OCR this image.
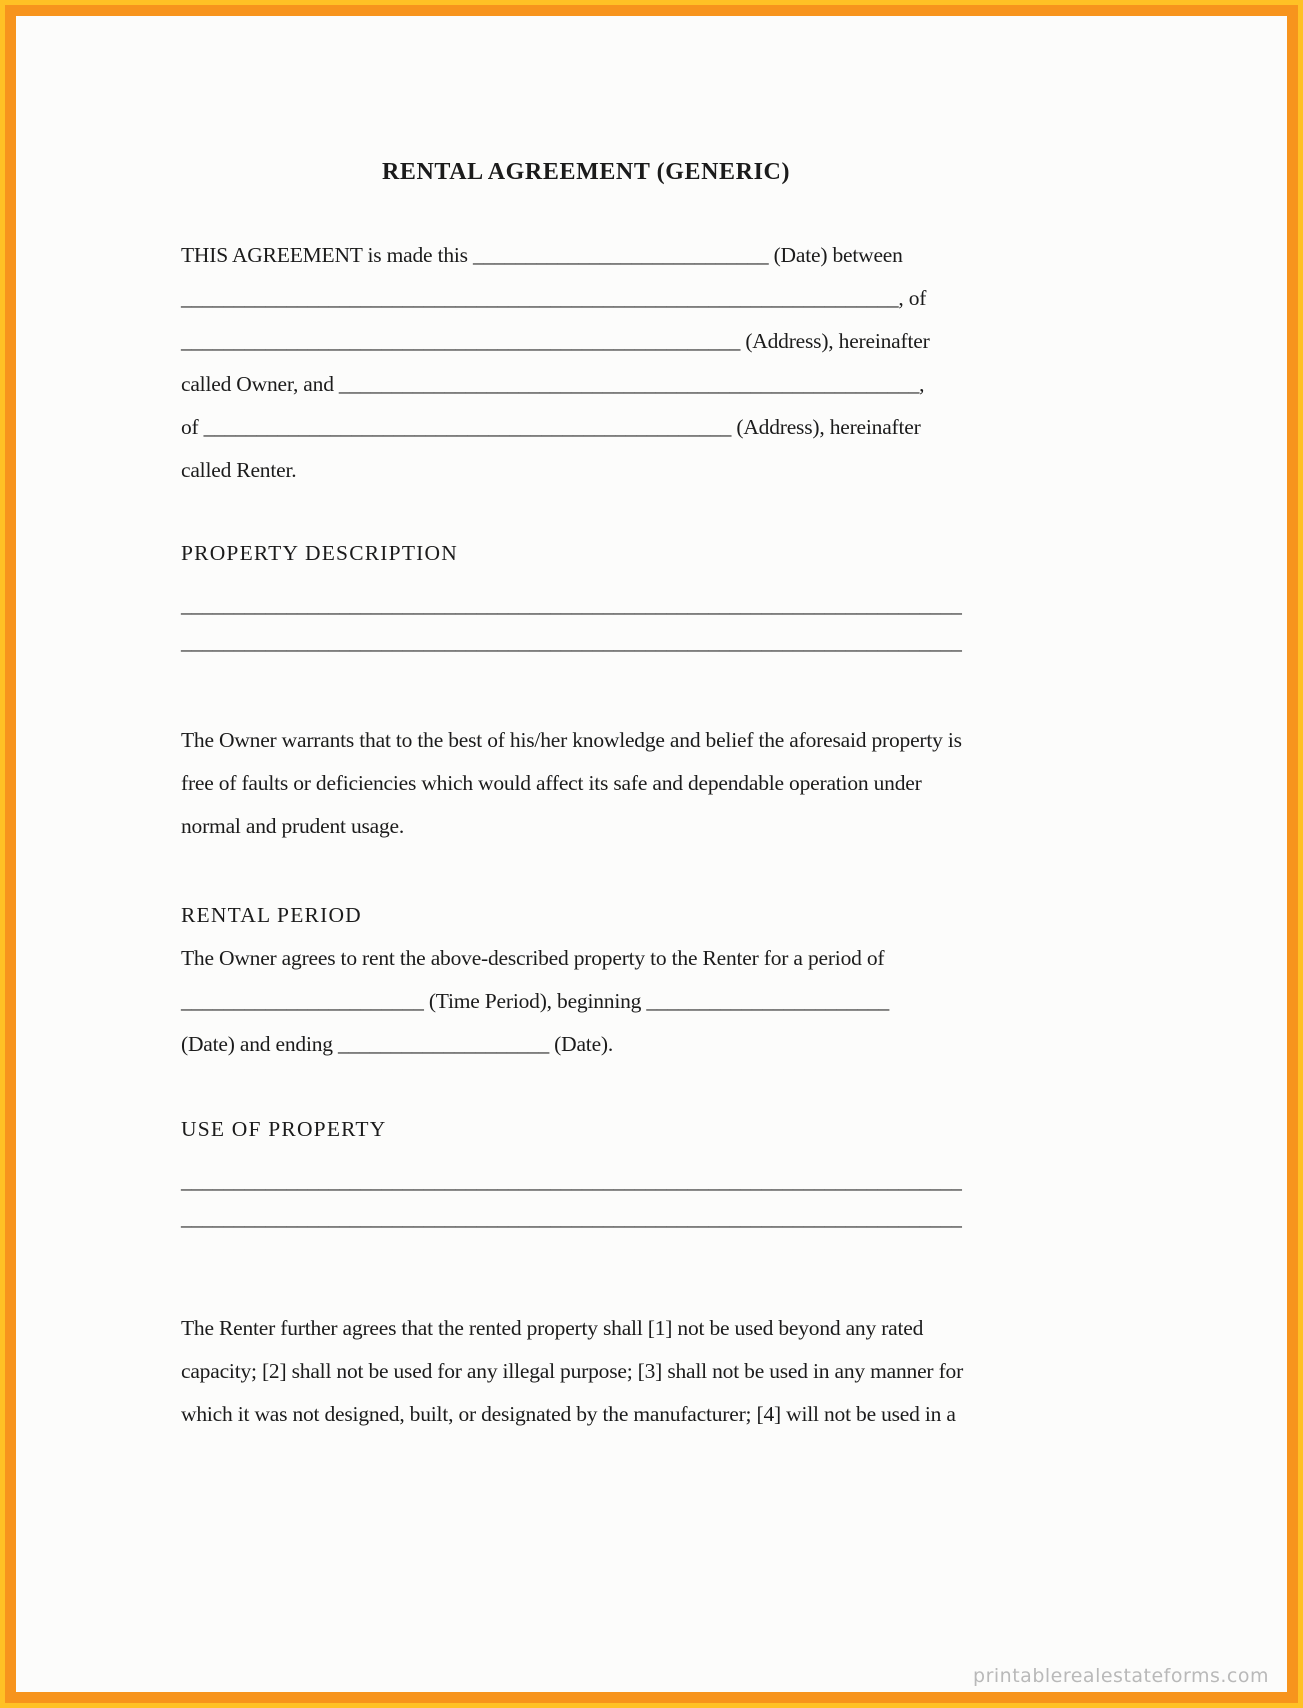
RENTAL AGREEMENT (GENERIC)
THIS AGREEMENT is made this ____________________________ (Date) between
____________________________________________________________________, of
_____________________________________________________ (Address), hereinafter
called Owner, and _______________________________________________________,
of __________________________________________________ (Address), hereinafter
called Renter.
PROPERTY DESCRIPTION
__________________________________________________________________________
__________________________________________________________________________
The Owner warrants that to the best of his/her knowledge and belief the aforesaid property is
free of faults or deficiencies which would affect its safe and dependable operation under
normal and prudent usage.
RENTAL PERIOD
The Owner agrees to rent the above-described property to the Renter for a period of
_______________________ (Time Period), beginning _______________________
(Date) and ending ____________________ (Date).
USE OF PROPERTY
__________________________________________________________________________
__________________________________________________________________________
The Renter further agrees that the rented property shall [1] not be used beyond any rated
capacity; [2] shall not be used for any illegal purpose; [3] shall not be used in any manner for
which it was not designed, built, or designated by the manufacturer; [4] will not be used in a
printablerealestateforms.com
